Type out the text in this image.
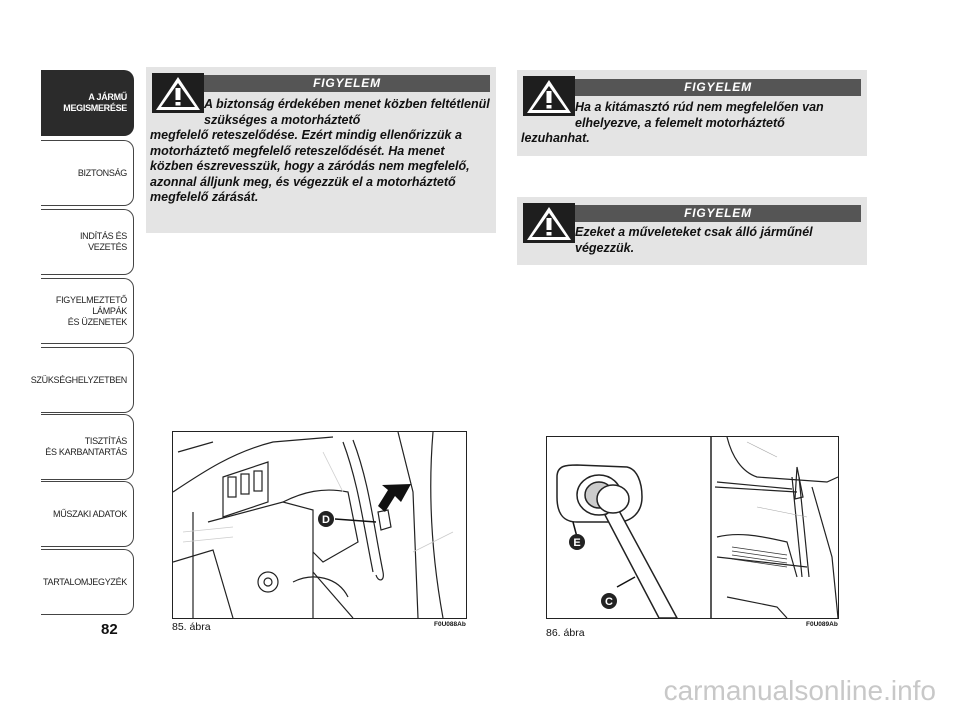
A JÁRMŰ
MEGISMERÉSE
BIZTONSÁG
INDÍTÁS ÉS VEZETÉS
FIGYELMEZTETŐ
LÁMPÁK
ÉS ÜZENETEK
SZÜKSÉGHELYZETBEN
TISZTÍTÁS
ÉS KARBANTARTÁS
MŰSZAKI ADATOK
TARTALOMJEGYZÉK
82
FIGYELEM
A biztonság érdekében menet közben feltétlenül szükséges a motorháztető
megfelelő reteszelődése. Ezért mindig ellenőrizzük a motorháztető megfelelő reteszelődését. Ha menet közben észrevesszük, hogy a záródás nem megfelelő, azonnal álljunk meg, és végezzük el a motorháztető megfelelő zárását.
FIGYELEM
Ha a kitámasztó rúd nem megfelelően van elhelyezve, a felemelt motorháztető
lezuhanhat.
FIGYELEM
Ezeket a műveleteket csak álló járműnél végezzük.
D
85. ábra	F0U088Ab
E
C
86. ábra
F0U089Ab
carmanualsonline.info
